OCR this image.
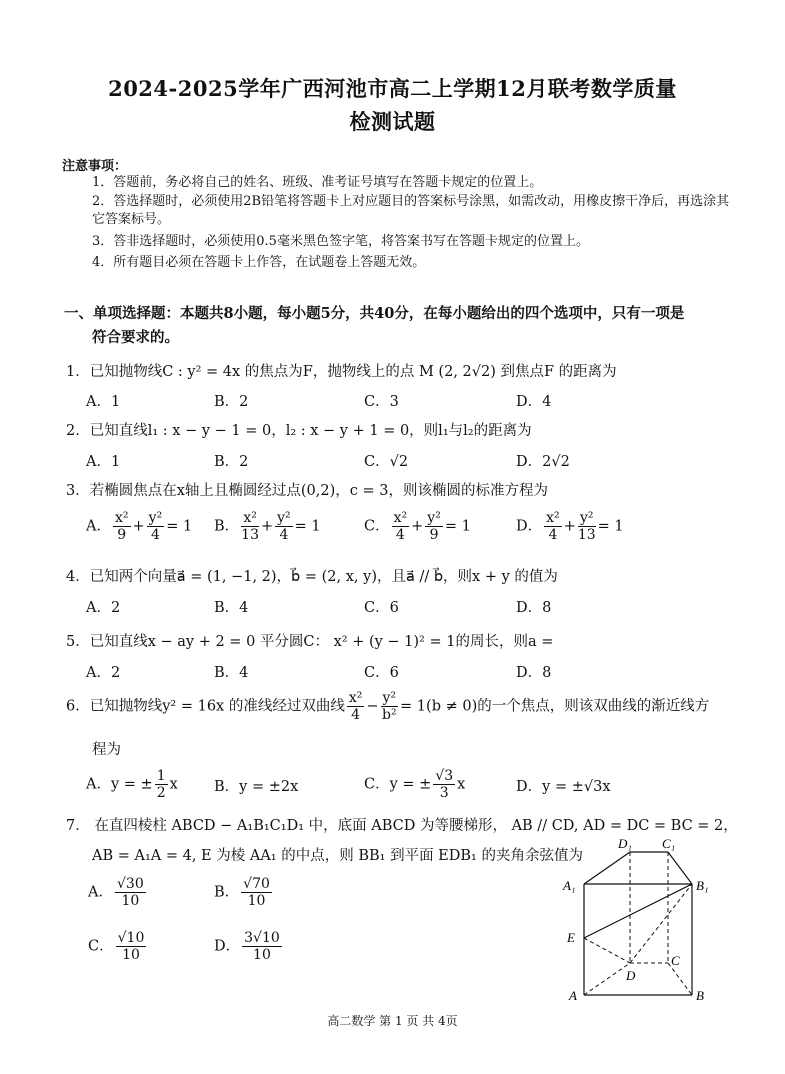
2024-2025学年广西河池市高二上学期12月联考数学质量
检测试题
注意事项：
1．答题前，务必将自己的姓名、班级、准考证号填写在答题卡规定的位置上。
2．答选择题时，必须使用2B铅笔将答题卡上对应题目的答案标号涂黑，如需改动，用橡皮擦干净后，再选涂其它答案标号。
3．答非选择题时，必须使用0.5毫米黑色签字笔，将答案书写在答题卡规定的位置上。
4．所有题目必须在答题卡上作答，在试题卷上答题无效。
一、单项选择题：本题共8小题，每小题5分，共40分，在每小题给出的四个选项中，只有一项是
符合要求的。
1．已知抛物线C : y² = 4x 的焦点为F，抛物线上的点 M (2, 2√2) 到焦点F 的距离为
A．1	B．2	C．3	D．4
2．已知直线l₁ : x − y − 1 = 0，l₂ : x − y + 1 = 0，则l₁与l₂的距离为
A．1	B．2	C．√2	D．2√2
3．若椭圆焦点在x轴上且椭圆经过点(0,2)，c = 3，则该椭圆的标准方程为
A． $\frac{\text{x²}}{9} + \frac{\text{y²}}{4} = 1$ B． $\frac{\text{x²}}{13} + \frac{\text{y²}}{4} = 1$	C． $\frac{\text{x²}}{4} + \frac{\text{y²}}{9} = 1$	D． $\frac{\text{x²}}{4} + \frac{\text{y²}}{13} = 1$
4．已知两个向量a⃗ = (1, −1, 2)，b⃗ = (2, x, y)，且a⃗ // b⃗，则x + y 的值为
A．2	B．4	C．6	D．8
5．已知直线x − ay + 2 = 0 平分圆C： x² + (y − 1)² = 1的周长，则a =
A．2	B．4	C．6	D．8
6．已知抛物线y² = 16x 的准线经过双曲线 $\frac{\text{x²}}{4} - \frac{\text{y²}}{\text{b²}} = 1(b \ne 0)$的一个焦点，则该双曲线的渐近线方
程为
A．y = ± $\frac{1}{2}$ x B．y = ±2x	C．y = ± $\frac{√3}{3}$ x	D．y = ±√3x
7． 在直四棱柱 ABCD − A₁B₁C₁D₁ 中，底面 ABCD 为等腰梯形， AB // CD, AD = DC = BC = 2，
AB = A₁A = 4, E 为棱 AA₁ 的中点，则 BB₁ 到平面 EDB₁ 的夹角余弦值为
A． $\frac{√30}{10}$	B． $\frac{√70}{10}$
C． $\frac{√10}{10}$	D． $\frac{3√10}{10}$
A₁	B₁
D₁ C₁
E
D
C
A	B
高二数学 第 1 页 共 4页
